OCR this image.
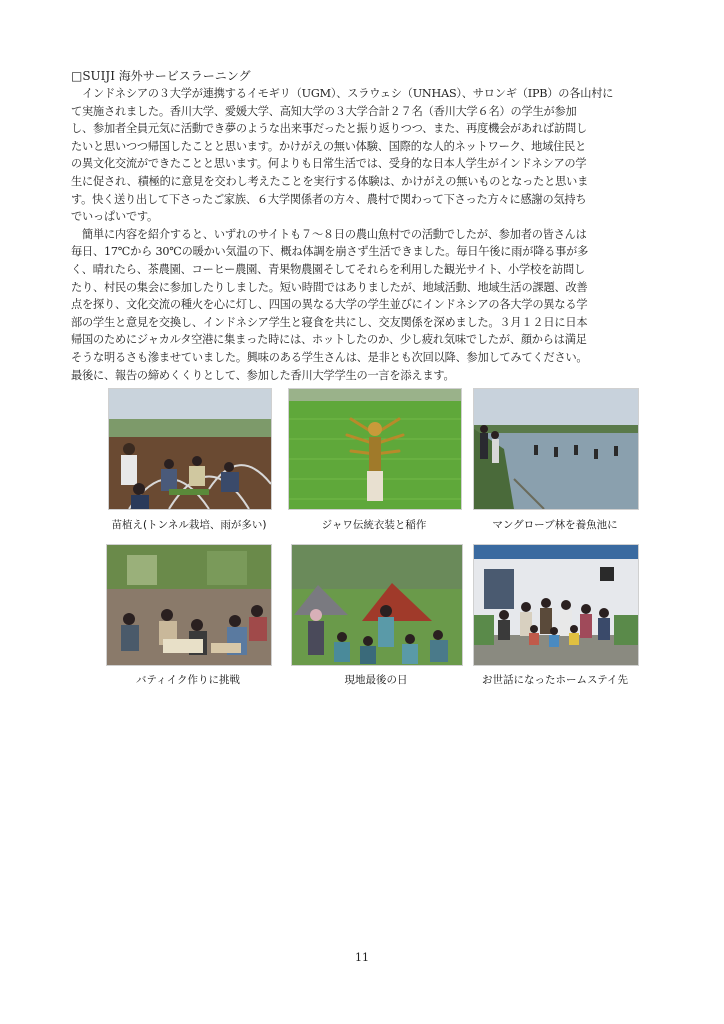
□SUIJI 海外サービスラーニング
　インドネシアの３大学が連携するイモギリ（UGM）、スラウェシ（UNHAS）、サロンギ（IPB）の各山村に
て実施されました。香川大学、愛媛大学、高知大学の３大学合計２７名（香川大学６名）の学生が参加
し、参加者全員元気に活動でき夢のような出来事だったと振り返りつつ、また、再度機会があれば訪問し
たいと思いつつ帰国したことと思います。かけがえの無い体験、国際的な人的ネットワーク、地域住民と
の異文化交流ができたことと思います。何よりも日常生活では、受身的な日本人学生がインドネシアの学
生に促され、積極的に意見を交わし考えたことを実行する体験は、かけがえの無いものとなったと思いま
す。快く送り出して下さったご家族、６大学関係者の方々、農村で関わって下さった方々に感謝の気持ち
でいっぱいです。
　簡単に内容を紹介すると、いずれのサイトも７〜８日の農山魚村での活動でしたが、参加者の皆さんは
毎日、17℃から 30℃の暖かい気温の下、概ね体調を崩さず生活できました。毎日午後に雨が降る事が多
く、晴れたら、茶農園、コーヒー農園、青果物農園そしてそれらを利用した観光サイト、小学校を訪問し
たり、村民の集会に参加したりしました。短い時間ではありましたが、地域活動、地域生活の課題、改善
点を探り、文化交流の種火を心に灯し、四国の異なる大学の学生並びにインドネシアの各大学の異なる学
部の学生と意見を交換し、インドネシア学生と寝食を共にし、交友関係を深めました。３月１２日に日本
帰国のためにジャカルタ空港に集まった時には、ホットしたのか、少し疲れ気味でしたが、顔からは満足
そうな明るさも滲ませていました。興味のある学生さんは、是非とも次回以降、参加してみてください。
最後に、報告の締めくくりとして、参加した香川大学学生の一言を添えます。
苗植え(トンネル栽培、雨が多い)	ジャワ伝統衣装と稲作	マングローブ林を養魚池に
バティイク作りに挑戦	現地最後の日	お世話になったホームステイ先
11
